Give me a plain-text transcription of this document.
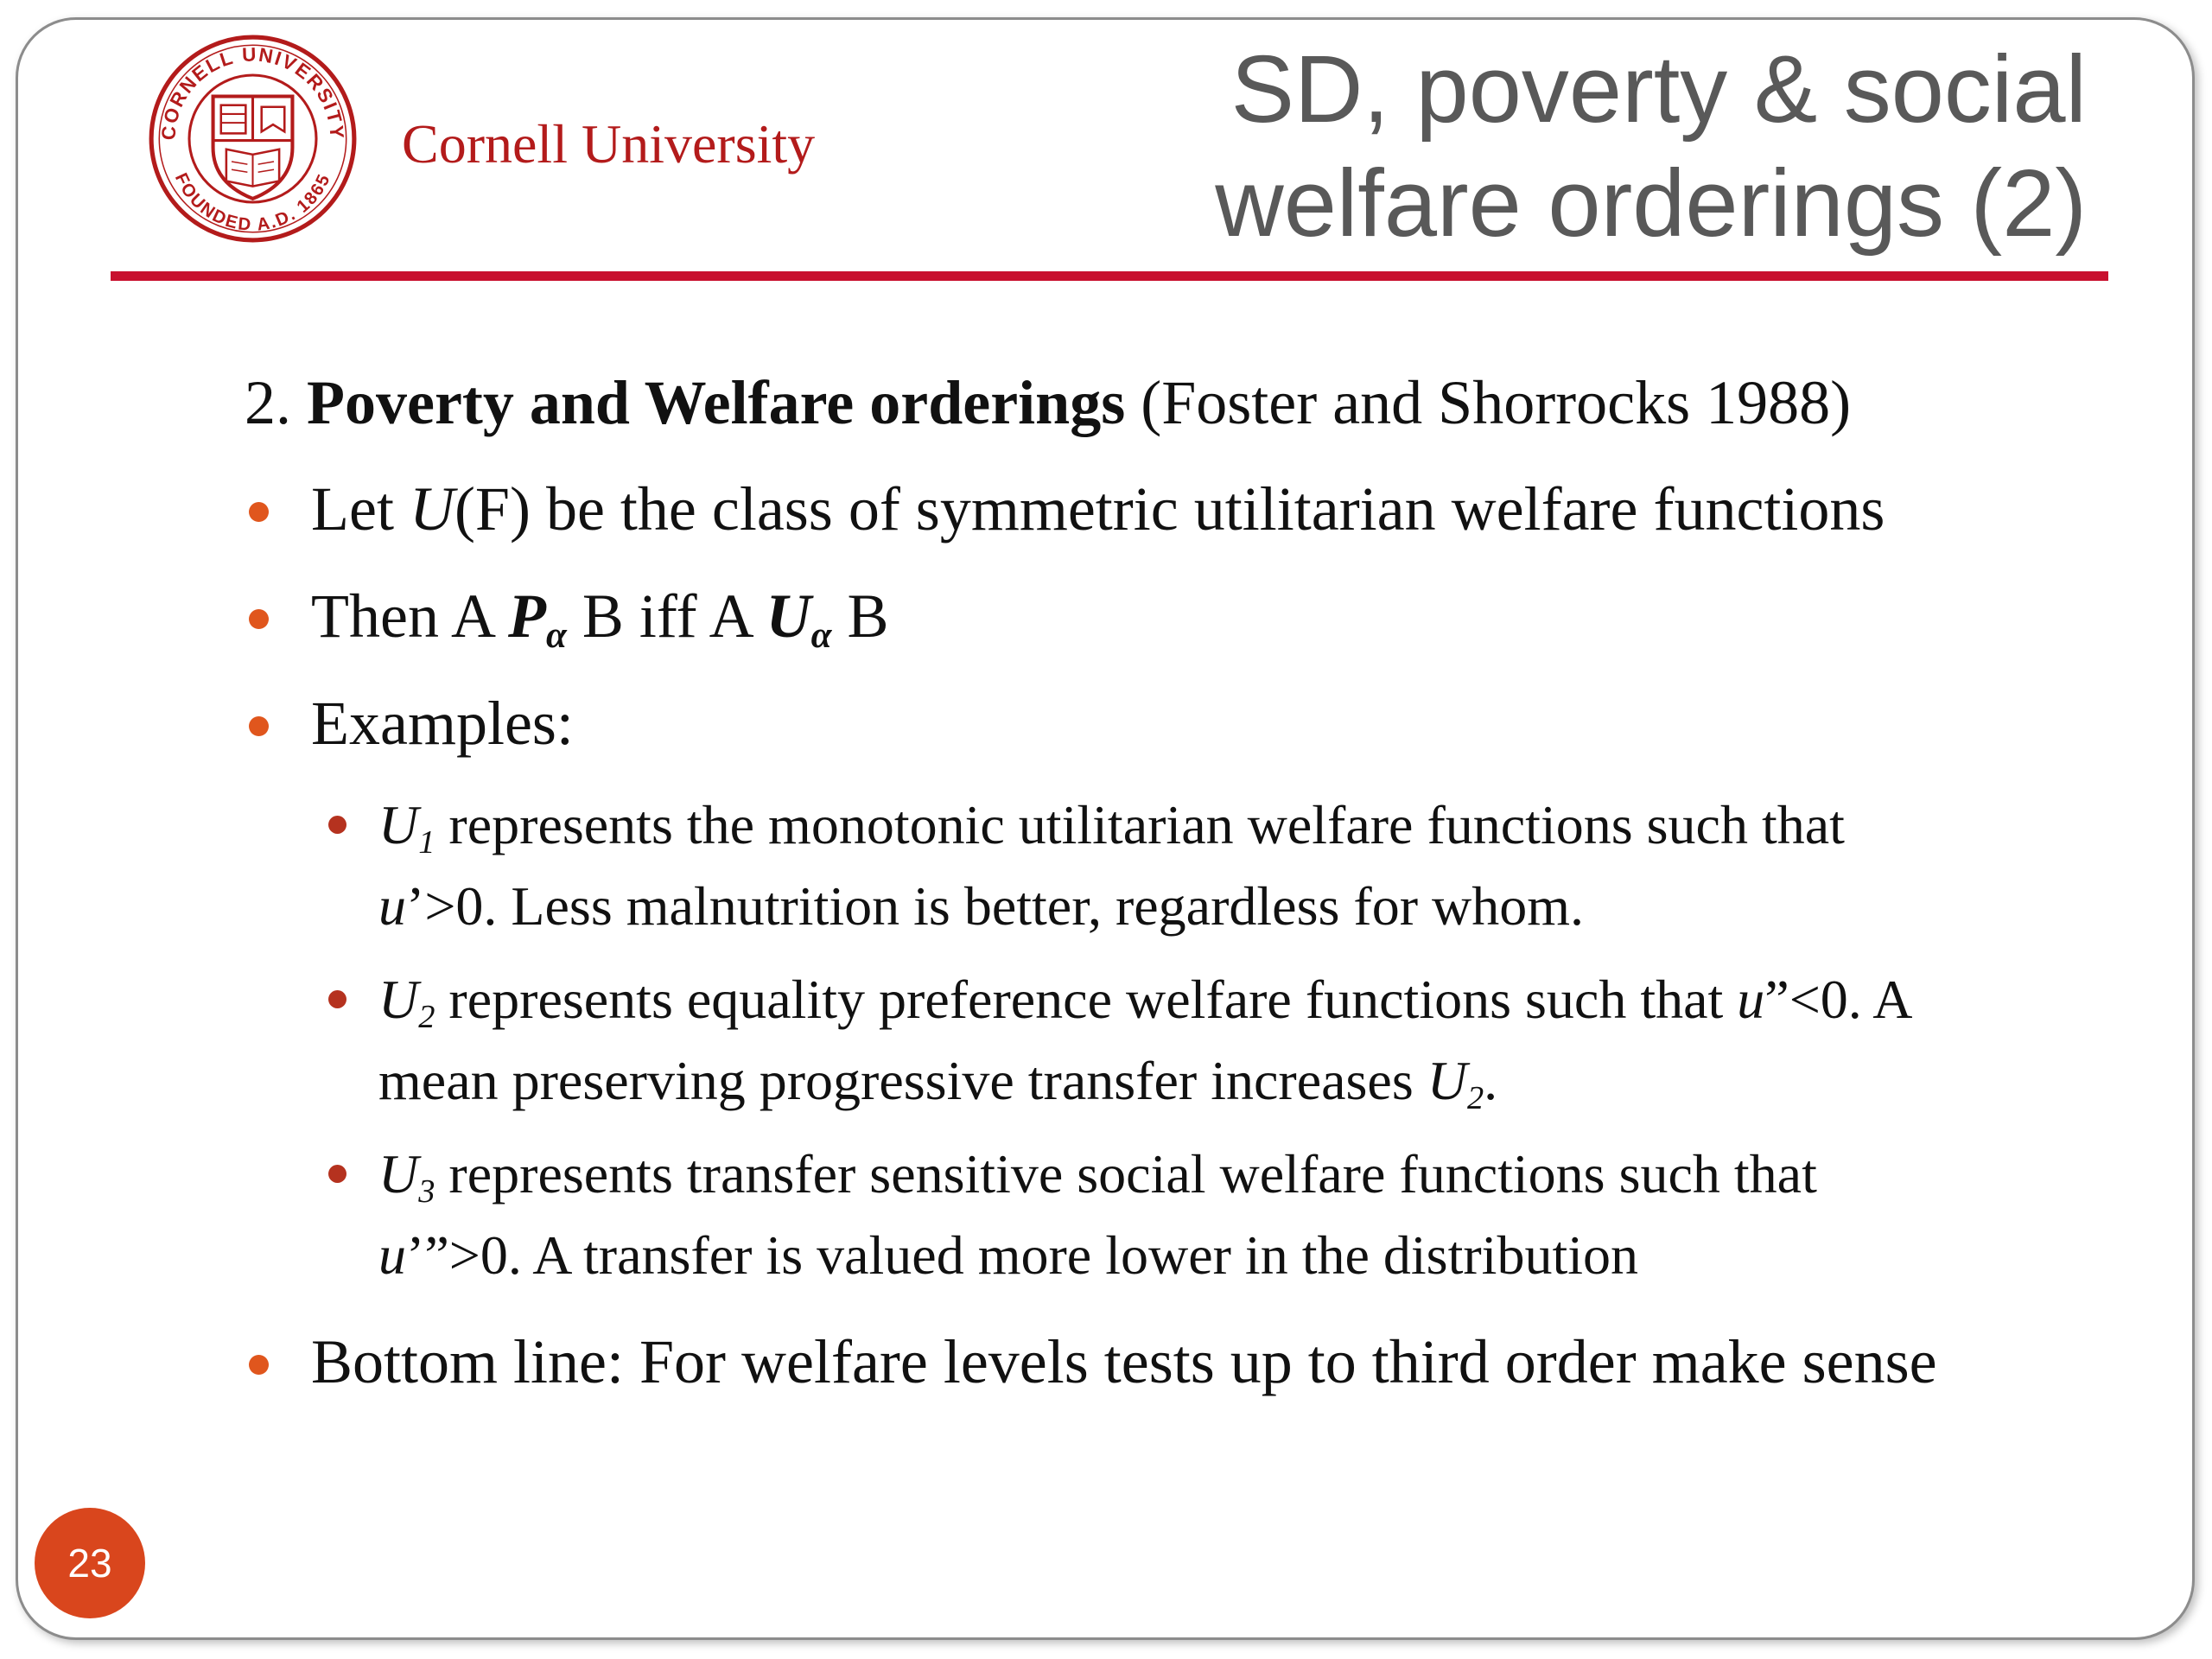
CORNELL UNIVERSITY
FOUNDED A.D. 1865
Cornell University
SD, poverty & social
welfare orderings (2)
2. Poverty and Welfare orderings (Foster and Shorrocks 1988)
Let U(F) be the class of symmetric utilitarian welfare functions
Then A $P_\alpha$ B iff A $U_\alpha$ B
Examples:
$U_1$ represents the monotonic utilitarian welfare functions such that
u’>0. Less malnutrition is better, regardless for whom.
$U_2$ represents equality preference welfare functions such that u”<0. A
mean preserving progressive transfer increases $U_2$.
$U_3$ represents transfer sensitive social welfare functions such that
u’”>0. A transfer is valued more lower in the distribution
Bottom line: For welfare levels tests up to third order make sense
23
